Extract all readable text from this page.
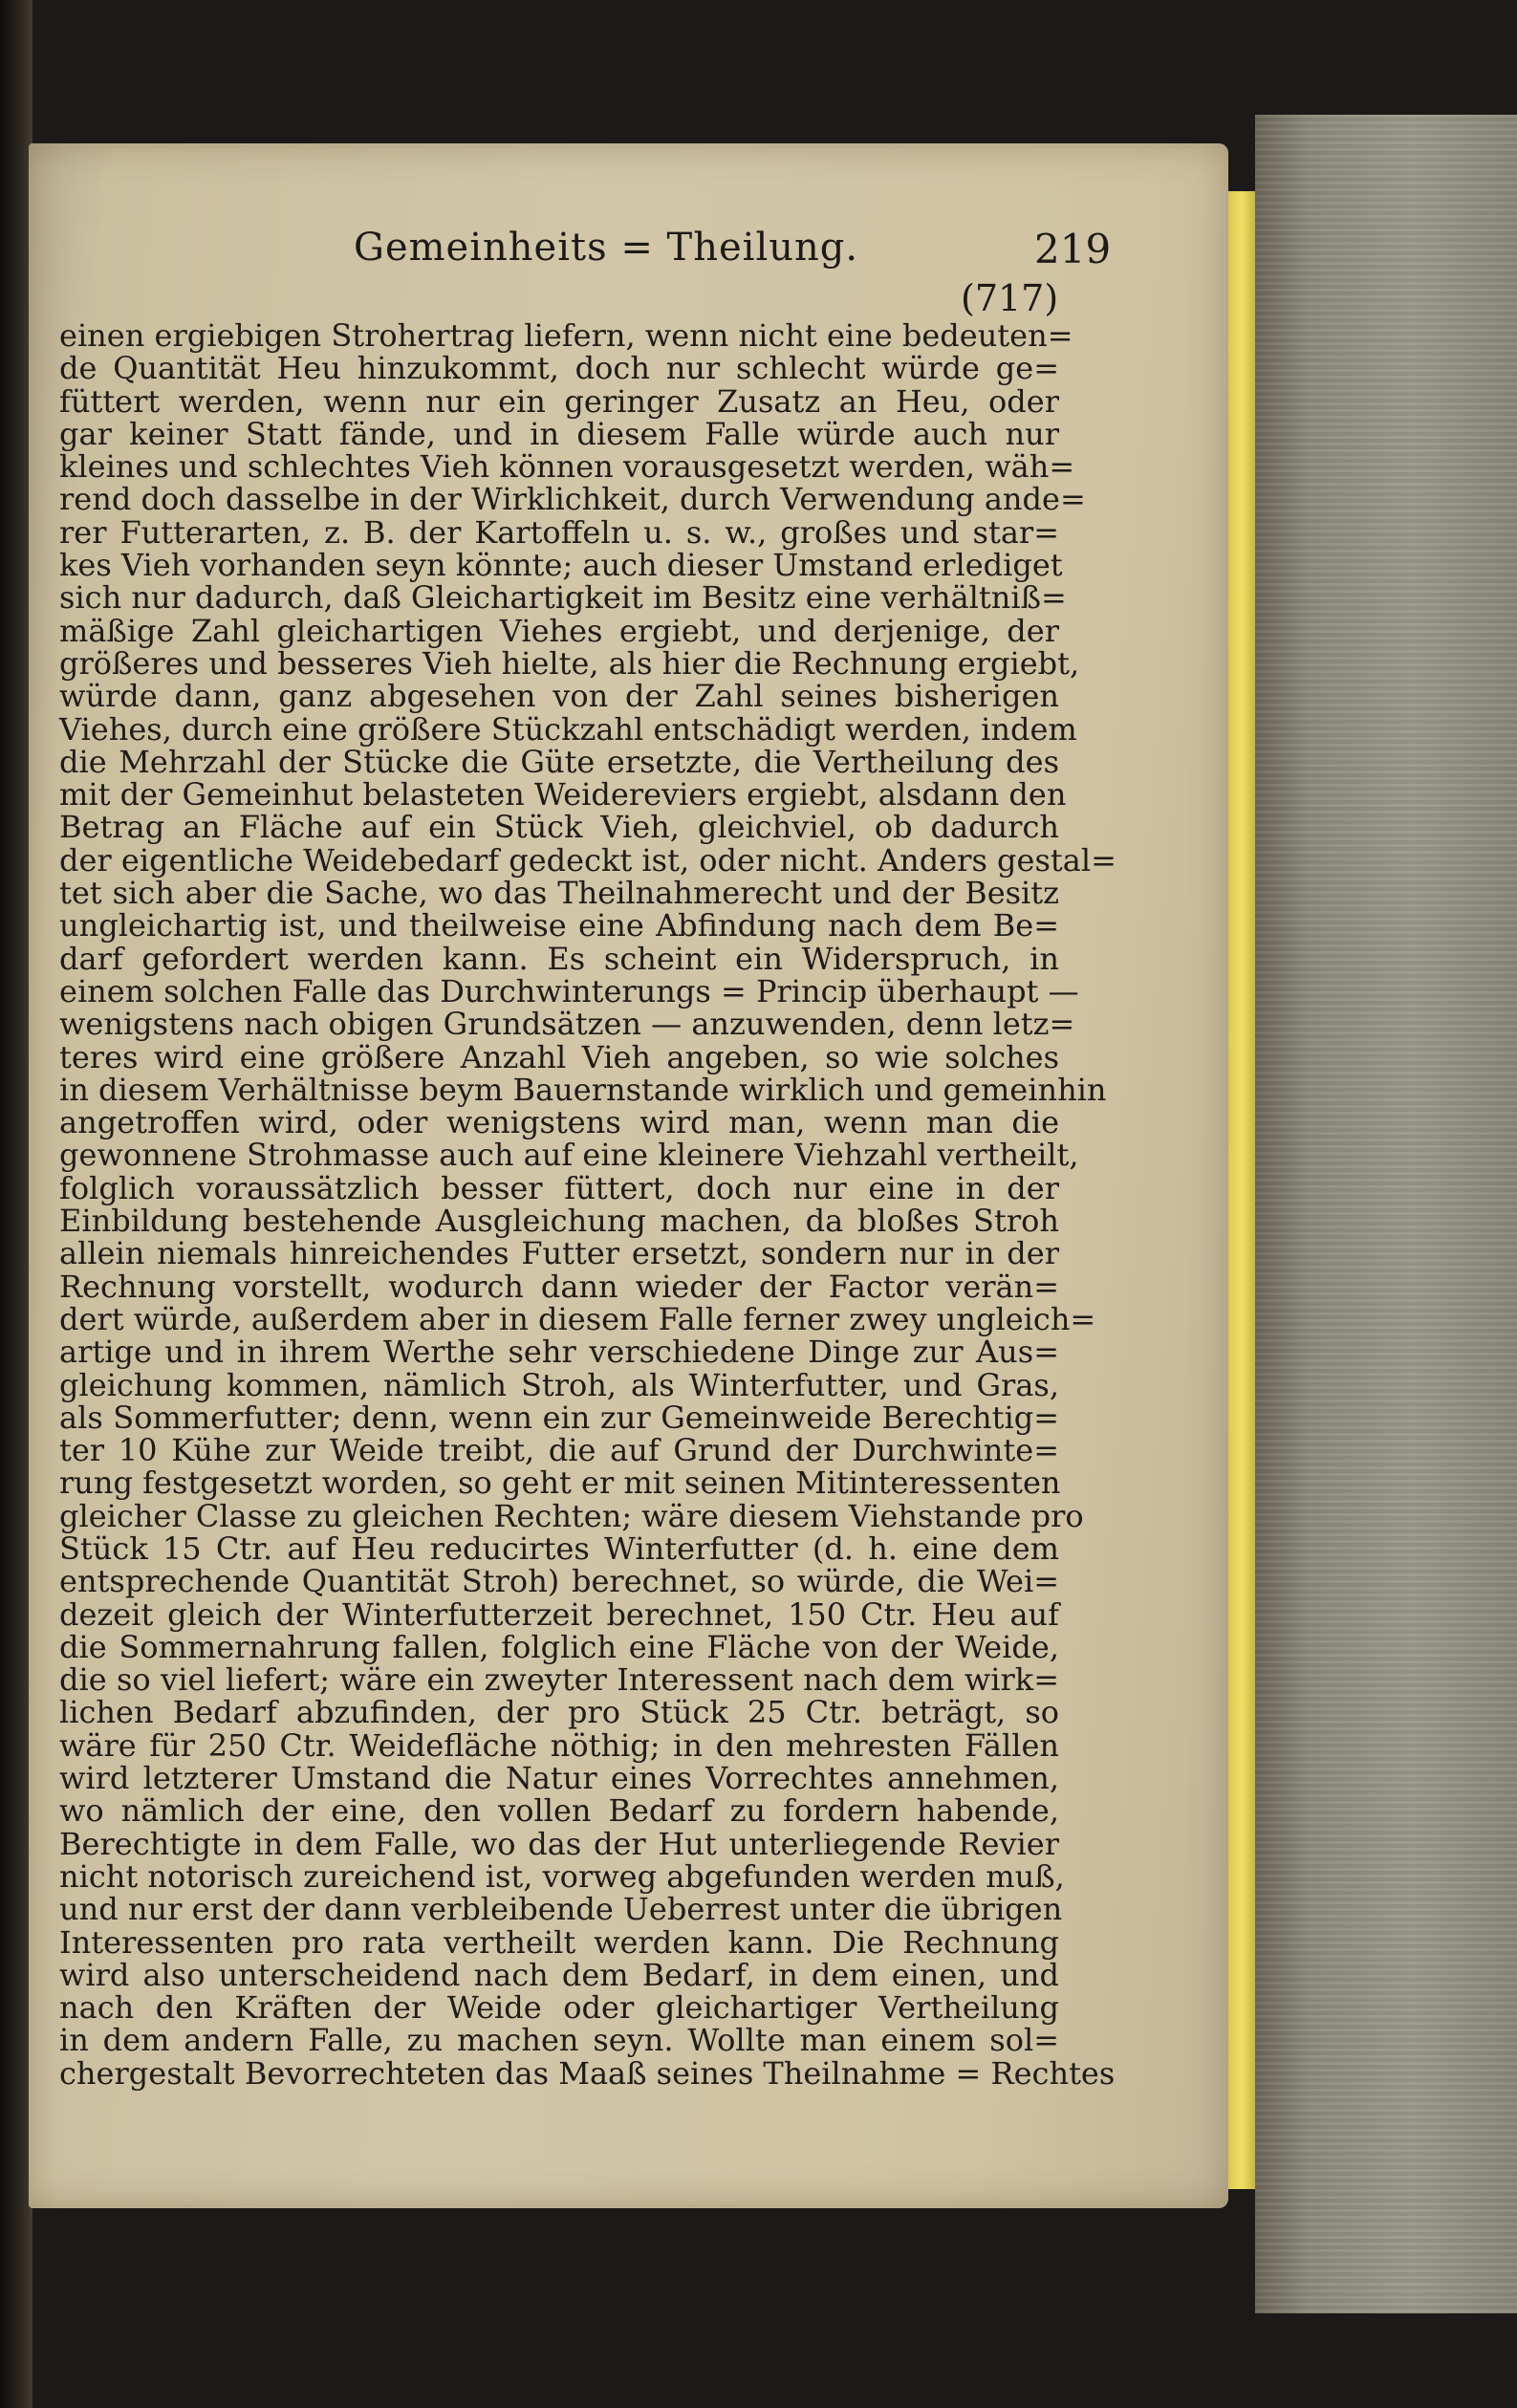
Gemeinheits = Theilung.	219
(717)
einen ergiebigen Strohertrag liefern, wenn nicht eine bedeuten=
de Quantität Heu hinzukommt, doch nur schlecht würde ge=
füttert werden, wenn nur ein geringer Zusatz an Heu, oder
gar keiner Statt fände, und in diesem Falle würde auch nur
kleines und schlechtes Vieh können vorausgesetzt werden, wäh=
rend doch dasselbe in der Wirklichkeit, durch Verwendung ande=
rer Futterarten, z. B. der Kartoffeln u. s. w., großes und star=
kes Vieh vorhanden seyn könnte; auch dieser Umstand erlediget
sich nur dadurch, daß Gleichartigkeit im Besitz eine verhältniß=
mäßige Zahl gleichartigen Viehes ergiebt, und derjenige, der
größeres und besseres Vieh hielte, als hier die Rechnung ergiebt,
würde dann, ganz abgesehen von der Zahl seines bisherigen
Viehes, durch eine größere Stückzahl entschädigt werden, indem
die Mehrzahl der Stücke die Güte ersetzte, die Vertheilung des
mit der Gemeinhut belasteten Weidereviers ergiebt, alsdann den
Betrag an Fläche auf ein Stück Vieh, gleichviel, ob dadurch
der eigentliche Weidebedarf gedeckt ist, oder nicht. Anders gestal=
tet sich aber die Sache, wo das Theilnahmerecht und der Besitz
ungleichartig ist, und theilweise eine Abfindung nach dem Be=
darf gefordert werden kann. Es scheint ein Widerspruch, in
einem solchen Falle das Durchwinterungs = Princip überhaupt —
wenigstens nach obigen Grundsätzen — anzuwenden, denn letz=
teres wird eine größere Anzahl Vieh angeben, so wie solches
in diesem Verhältnisse beym Bauernstande wirklich und gemeinhin
angetroffen wird, oder wenigstens wird man, wenn man die
gewonnene Strohmasse auch auf eine kleinere Viehzahl vertheilt,
folglich voraussätzlich besser füttert, doch nur eine in der
Einbildung bestehende Ausgleichung machen, da bloßes Stroh
allein niemals hinreichendes Futter ersetzt, sondern nur in der
Rechnung vorstellt, wodurch dann wieder der Factor verän=
dert würde, außerdem aber in diesem Falle ferner zwey ungleich=
artige und in ihrem Werthe sehr verschiedene Dinge zur Aus=
gleichung kommen, nämlich Stroh, als Winterfutter, und Gras,
als Sommerfutter; denn, wenn ein zur Gemeinweide Berechtig=
ter 10 Kühe zur Weide treibt, die auf Grund der Durchwinte=
rung festgesetzt worden, so geht er mit seinen Mitinteressenten
gleicher Classe zu gleichen Rechten; wäre diesem Viehstande pro
Stück 15 Ctr. auf Heu reducirtes Winterfutter (d. h. eine dem
entsprechende Quantität Stroh) berechnet, so würde, die Wei=
dezeit gleich der Winterfutterzeit berechnet, 150 Ctr. Heu auf
die Sommernahrung fallen, folglich eine Fläche von der Weide,
die so viel liefert; wäre ein zweyter Interessent nach dem wirk=
lichen Bedarf abzufinden, der pro Stück 25 Ctr. beträgt, so
wäre für 250 Ctr. Weidefläche nöthig; in den mehresten Fällen
wird letzterer Umstand die Natur eines Vorrechtes annehmen,
wo nämlich der eine, den vollen Bedarf zu fordern habende,
Berechtigte in dem Falle, wo das der Hut unterliegende Revier
nicht notorisch zureichend ist, vorweg abgefunden werden muß,
und nur erst der dann verbleibende Ueberrest unter die übrigen
Interessenten pro rata vertheilt werden kann. Die Rechnung
wird also unterscheidend nach dem Bedarf, in dem einen, und
nach den Kräften der Weide oder gleichartiger Vertheilung
in dem andern Falle, zu machen seyn. Wollte man einem sol=
chergestalt Bevorrechteten das Maaß seines Theilnahme = Rechtes
